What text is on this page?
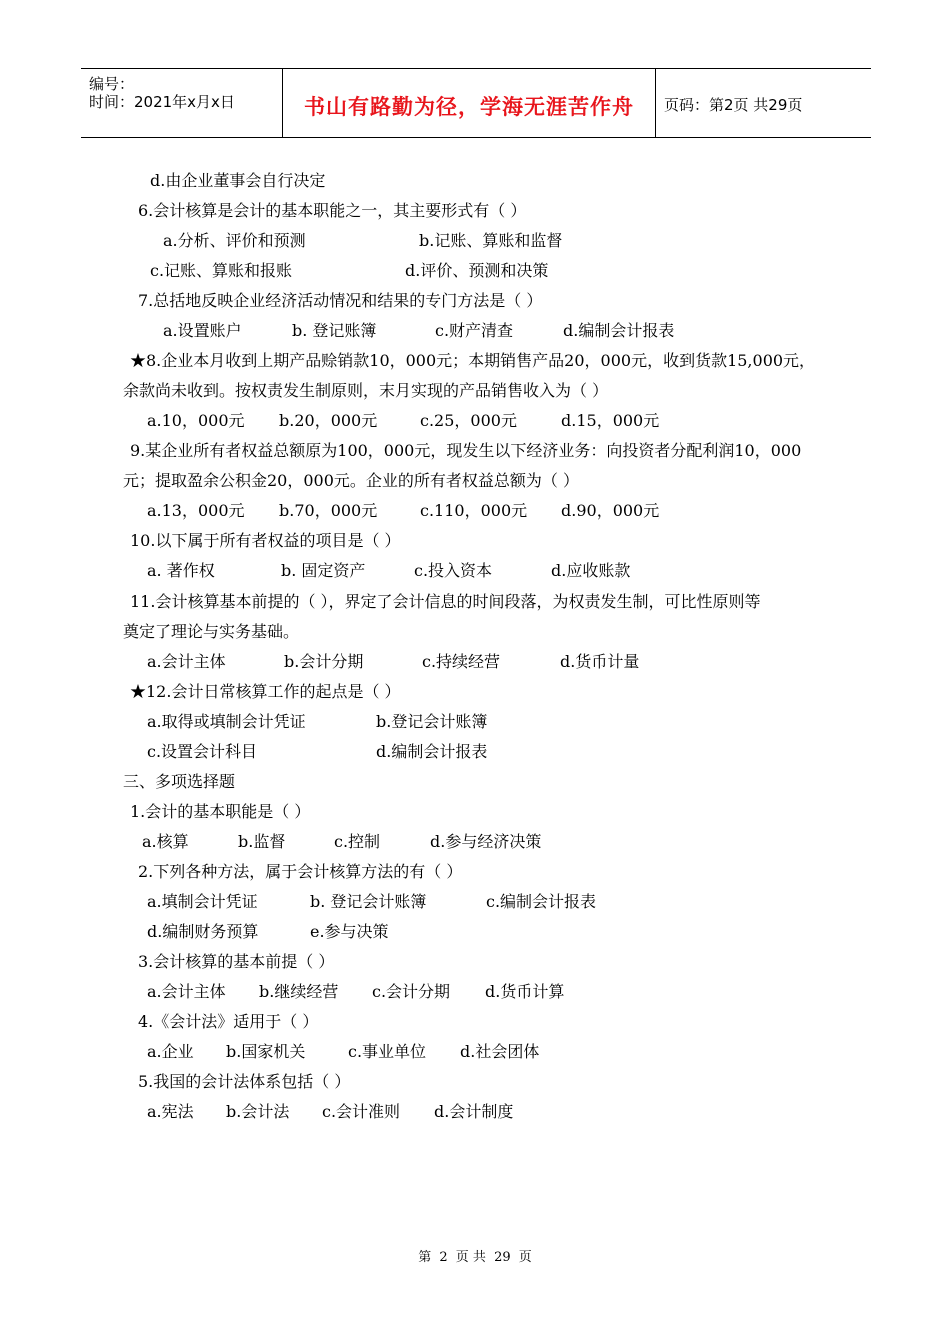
编号：
时间：2021年x月x日	书山有路勤为径，学海无涯苦作舟	页码：第2页 共29页
d.由企业董事会自行决定
6.会计核算是会计的基本职能之一，其主要形式有（ ）
a.分析、评价和预测	b.记账、算账和监督
c.记账、算账和报账	d.评价、预测和决策
7.总括地反映企业经济活动情况和结果的专门方法是（ ）
a.设置账户	b. 登记账簿	c.财产清查	d.编制会计报表
★8.企业本月收到上期产品赊销款10，000元；本期销售产品20，000元，收到货款15,000元，
余款尚未收到。按权责发生制原则，末月实现的产品销售收入为（ ）
a.10，000元 b.20，000元	c.25，000元	d.15，000元
9.某企业所有者权益总额原为100，000元，现发生以下经济业务：向投资者分配利润10，000
元；提取盈余公积金20，000元。企业的所有者权益总额为（ ）
a.13，000元 b.70，000元	c.110，000元 d.90，000元
10.以下属于所有者权益的项目是（ ）
a. 著作权	b. 固定资产	c.投入资本	d.应收账款
11.会计核算基本前提的（ ），界定了会计信息的时间段落，为权责发生制，可比性原则等
奠定了理论与实务基础。
a.会计主体	b.会计分期	c.持续经营	d.货币计量
★12.会计日常核算工作的起点是（ ）
a.取得或填制会计凭证	b.登记会计账簿
c.设置会计科目	d.编制会计报表
三、多项选择题
1.会计的基本职能是（ ）
a.核算	b.监督	c.控制	d.参与经济决策
2.下列各种方法，属于会计核算方法的有（ ）
a.填制会计凭证	b. 登记会计账簿	c.编制会计报表
d.编制财务预算	e.参与决策
3.会计核算的基本前提（ ）
a.会计主体 b.继续经营 c.会计分期 d.货币计算
4.《会计法》适用于（ ）
a.企业 b.国家机关	c.事业单位 d.社会团体
5.我国的会计法体系包括（ ）
a.宪法 b.会计法 c.会计准则 d.会计制度
第 2 页 共 29 页
